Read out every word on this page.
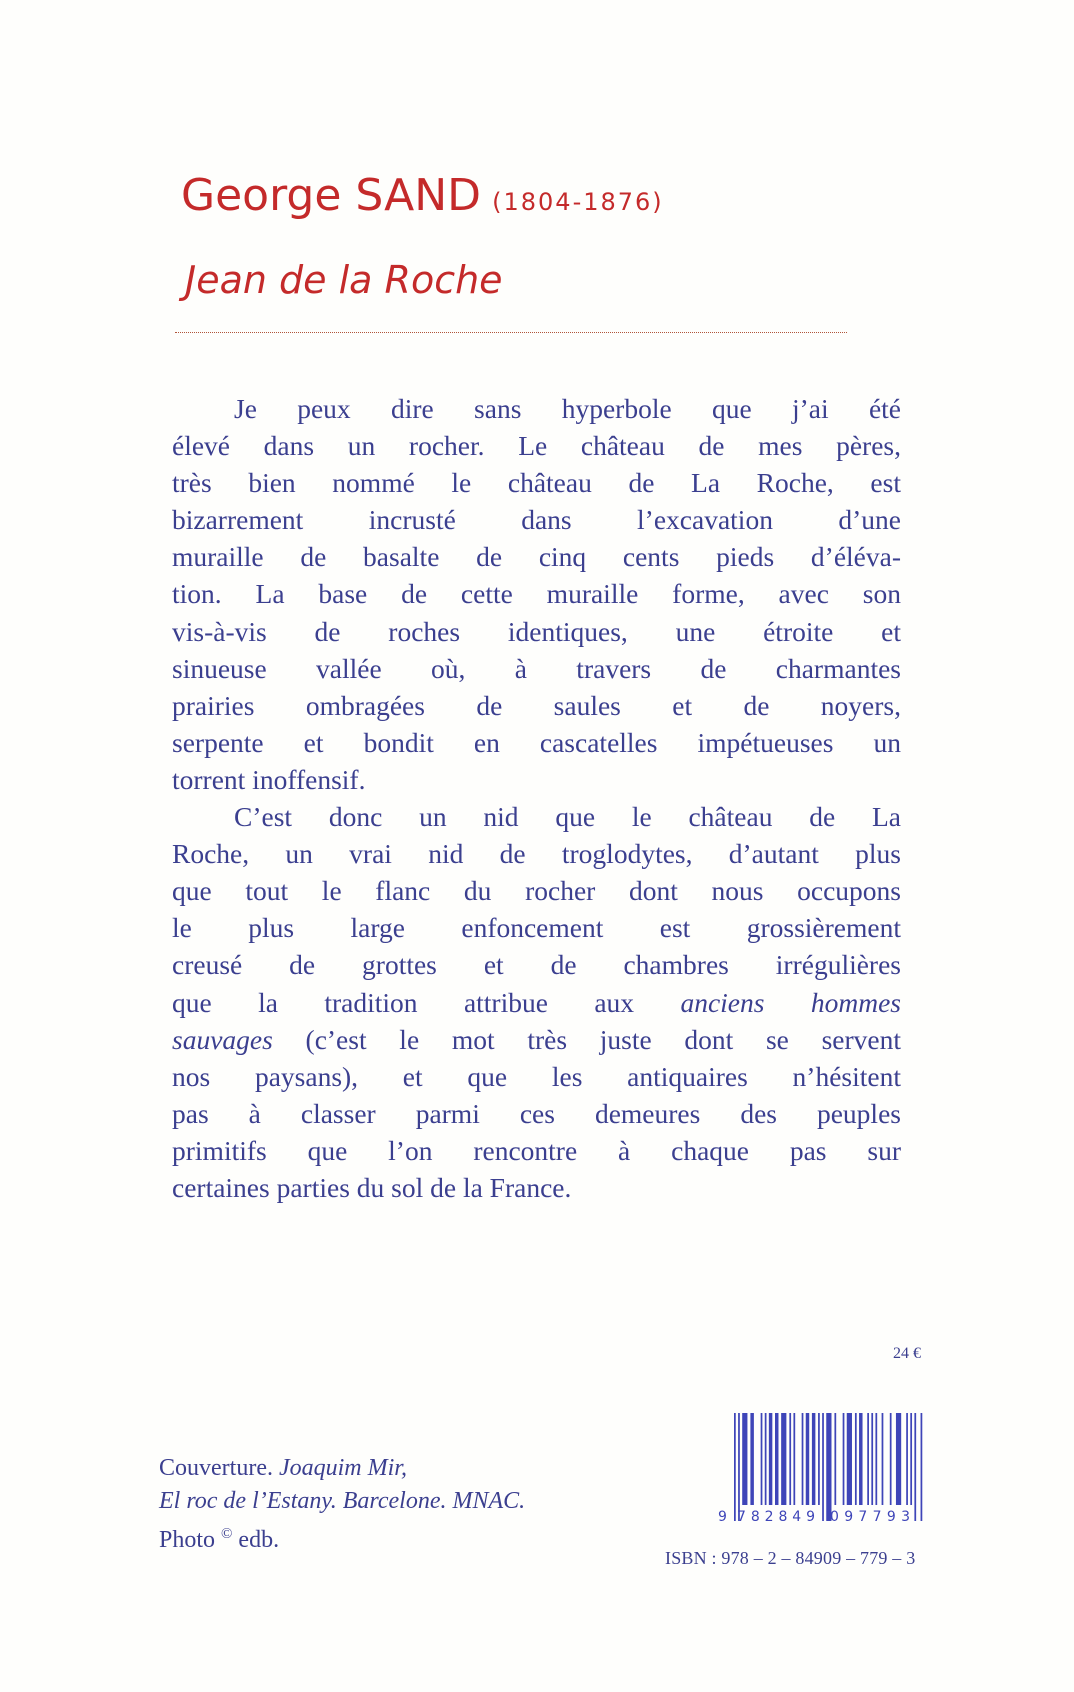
George SAND (1804-1876)
Jean de la Roche
Je peux dire sans hyperbole que j’ai été
élevé dans un rocher. Le château de mes pères,
très bien nommé le château de La Roche, est
bizarrement incrusté dans l’excavation d’une
muraille de basalte de cinq cents pieds d’éléva-
tion. La base de cette muraille forme, avec son
vis-à-vis de roches identiques, une étroite et
sinueuse vallée où, à travers de charmantes
prairies ombragées de saules et de noyers,
serpente et bondit en cascatelles impétueuses un
torrent inoffensif.
C’est donc un nid que le château de La
Roche, un vrai nid de troglodytes, d’autant plus
que tout le flanc du rocher dont nous occupons
le plus large enfoncement est grossièrement
creusé de grottes et de chambres irrégulières
que la tradition attribue aux anciens hommes
sauvages (c’est le mot très juste dont se servent
nos paysans), et que les antiquaires n’hésitent
pas à classer parmi ces demeures des peuples
primitifs que l’on rencontre à chaque pas sur
certaines parties du sol de la France.
24 €
9 782849 097793
ISBN : 978 – 2 – 84909 – 779 – 3
Couverture. Joaquim Mir,
El roc de l’Estany. Barcelone. MNAC.
Photo © edb.
